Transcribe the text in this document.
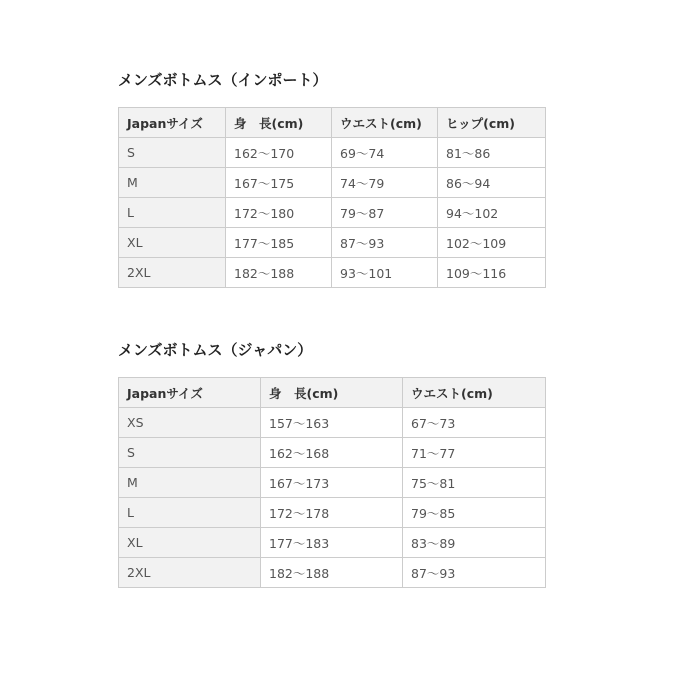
メンズボトムス（インポート）
Japanサイズ	身　長(cm)	ウエスト(cm)	ヒップ(cm)
S	162〜170	69〜74	81〜86
M	167〜175	74〜79	86〜94
L	172〜180	79〜87	94〜102
XL	177〜185	87〜93	102〜109
2XL	182〜188	93〜101	109〜116
メンズボトムス（ジャパン）
Japanサイズ	身　長(cm)	ウエスト(cm)
XS	157〜163	67〜73
S	162〜168	71〜77
M	167〜173	75〜81
L	172〜178	79〜85
XL	177〜183	83〜89
2XL	182〜188	87〜93
